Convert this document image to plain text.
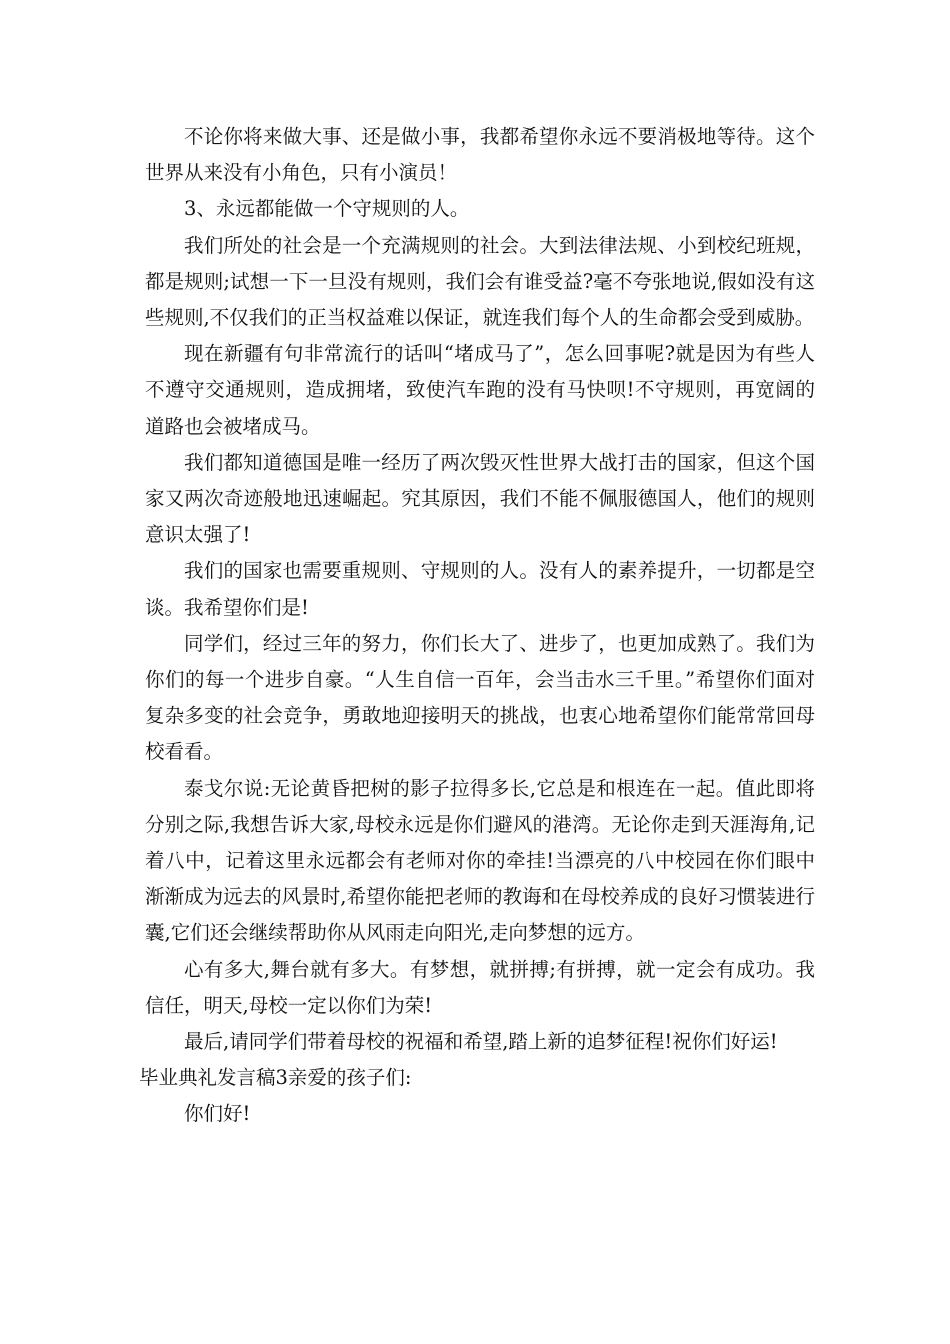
不论你将来做大事、还是做小事，我都希望你永远不要消极地等待。这个世界从来没有小角色，只有小演员！

3、永远都能做一个守规则的人。

我们所处的社会是一个充满规则的社会。大到法律法规、小到校纪班规，都是规则;试想一下一旦没有规则，我们会有谁受益?毫不夸张地说,假如没有这些规则,不仅我们的正当权益难以保证，就连我们每个人的生命都会受到威胁。

现在新疆有句非常流行的话叫“堵成马了”，怎么回事呢?就是因为有些人不遵守交通规则，造成拥堵，致使汽车跑的没有马快呗!不守规则，再宽阔的道路也会被堵成马。

我们都知道德国是唯一经历了两次毁灭性世界大战打击的国家，但这个国家又两次奇迹般地迅速崛起。究其原因，我们不能不佩服德国人，他们的规则意识太强了!

我们的国家也需要重规则、守规则的人。没有人的素养提升，一切都是空谈。我希望你们是!

同学们，经过三年的努力，你们长大了、进步了，也更加成熟了。我们为你们的每一个进步自豪。“人生自信一百年，会当击水三千里。”希望你们面对复杂多变的社会竞争，勇敢地迎接明天的挑战，也衷心地希望你们能常常回母校看看。

泰戈尔说:无论黄昏把树的影子拉得多长,它总是和根连在一起。值此即将分别之际,我想告诉大家,母校永远是你们避风的港湾。无论你走到天涯海角,记着八中，记着这里永远都会有老师对你的牵挂!当漂亮的八中校园在你们眼中渐渐成为远去的风景时,希望你能把老师的教诲和在母校养成的良好习惯装进行囊,它们还会继续帮助你从风雨走向阳光,走向梦想的远方。

心有多大,舞台就有多大。有梦想，就拼搏;有拼搏，就一定会有成功。我信任，明天,母校一定以你们为荣!

最后,请同学们带着母校的祝福和希望,踏上新的追梦征程!祝你们好运!

毕业典礼发言稿3亲爱的孩子们:

你们好!
